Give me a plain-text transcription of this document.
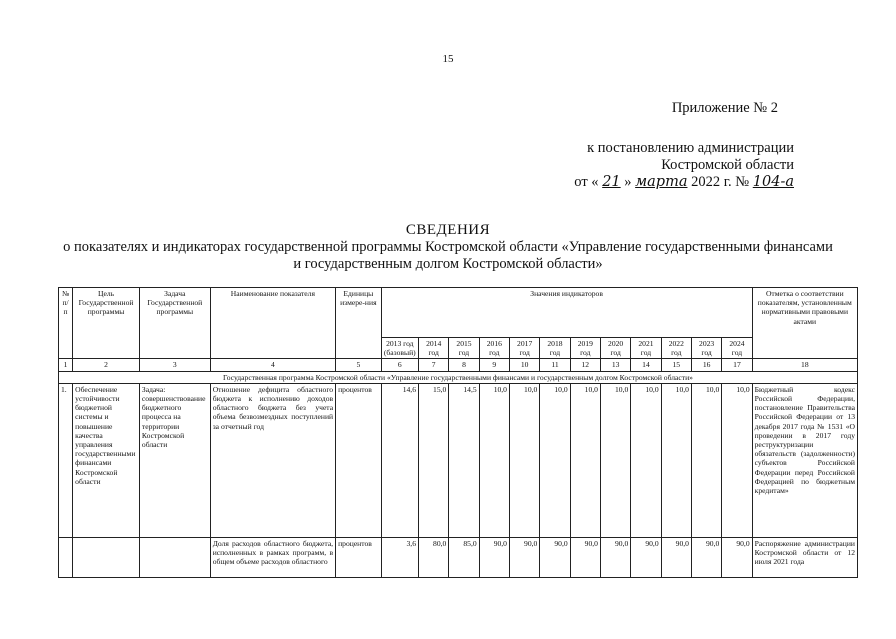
15
Приложение № 2
к постановлению администрации
Костромской области
от « 21 » марта 2022 г. № 104-а
СВЕДЕНИЯ
о показателях и индикаторах государственной программы Костромской области «Управление государственными финансами и государственным долгом Костромской области»
№ п/п	Цель Государственной программы	Задача Государственной программы	Наименование показателя	Единицы измере-ния	Значения индикаторов												Отметка о соответствии показателям, установленным нормативными правовыми актами
					2013 год (базовый)	2014 год	2015 год	2016 год	2017 год	2018 год	2019 год	2020 год	2021 год	2022 год	2023 год	2024 год	
1	2	3	4	5	6	7	8	9	10	11	12	13	14	15	16	17	18
Государственная программа Костромской области «Управление государственными финансами и государственным долгом Костромской области»																	
1.	Обеспечение устойчивости бюджетной системы и повышение качества управления государственными финансами Костромской области	Задача: совершенствование бюджетного процесса на территории Костромской области	Отношение дефицита областного бюджета к исполнению доходов областного бюджета без учета объема безвозмездных поступлений за отчетный год	процентов	14,6	15,0	14,5	10,0	10,0	10,0	10,0	10,0	10,0	10,0	10,0	10,0	Бюджетный кодекс Российской Федерации, постановление Правительства Российской Федерации от 13 декабря 2017 года № 1531 «О проведении в 2017 году реструктуризации обязательств (задолженности) субъектов Российской Федерации перед Российской Федерацией по бюджетным кредитам»
			Доля расходов областного бюджета, исполненных в рамках программ, в общем объеме расходов областного	процентов	3,6	80,0	85,0	90,0	90,0	90,0	90,0	90,0	90,0	90,0	90,0	90,0	Распоряжение администрации Костромской области от 12 июля 2021 года
